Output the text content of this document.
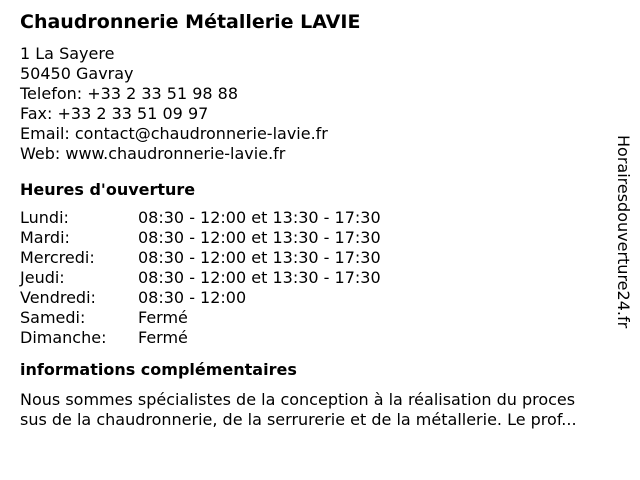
Chaudronnerie Métallerie LAVIE
1 La Sayere
50450 Gavray
Telefon: +33 2 33 51 98 88
Fax: +33 2 33 51 09 97
Email: contact@chaudronnerie-lavie.fr
Web: www.chaudronnerie-lavie.fr
Heures d'ouverture
Lundi:	08:30 - 12:00 et 13:30 - 17:30
Mardi:	08:30 - 12:00 et 13:30 - 17:30
Mercredi:	08:30 - 12:00 et 13:30 - 17:30
Jeudi:	08:30 - 12:00 et 13:30 - 17:30
Vendredi:	08:30 - 12:00
Samedi:	Fermé
Dimanche: Fermé
informations complémentaires
Nous sommes spécialistes de la conception à la réalisation du proces
sus de la chaudronnerie, de la serrurerie et de la métallerie. Le prof...
Horairesdouverture24.fr
